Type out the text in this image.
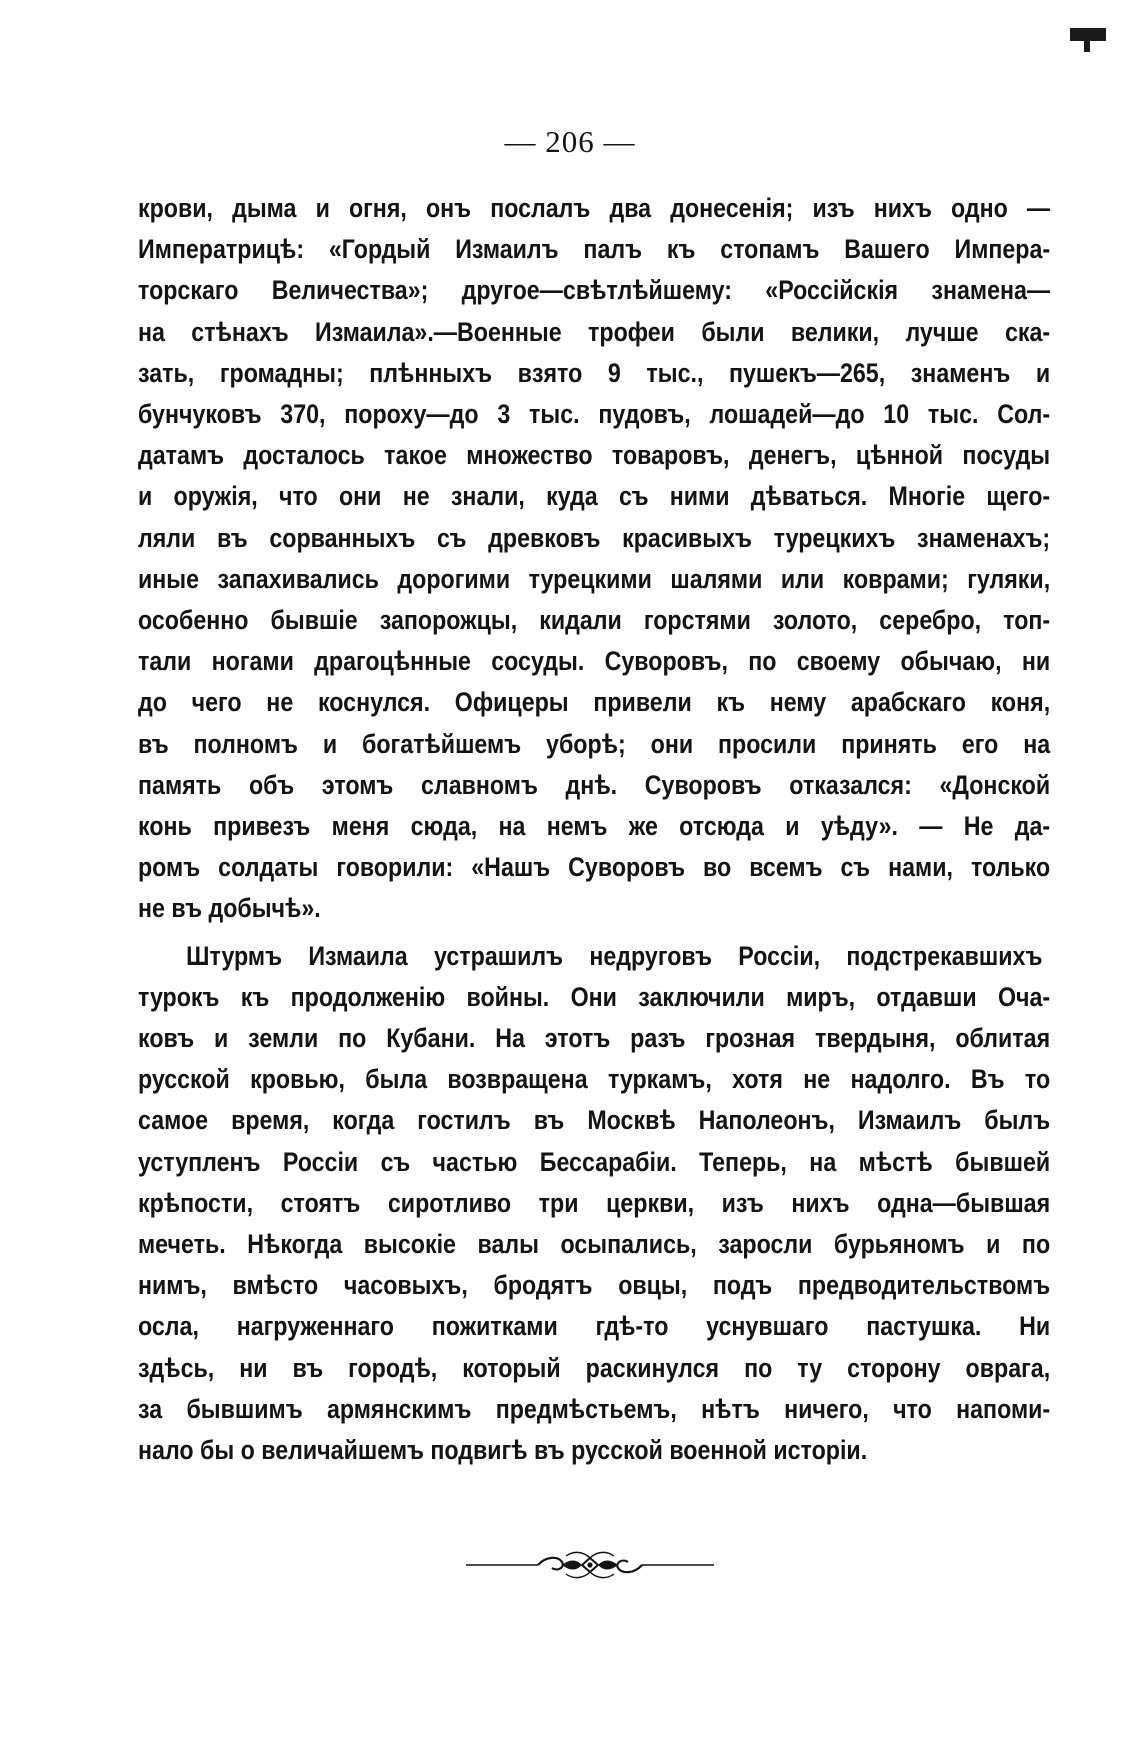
— 206 —
крови, дыма и огня, онъ послалъ два донесенія; изъ нихъ одно —
Императрицѣ: «Гордый Измаилъ палъ къ стопамъ Вашего Импера-
торскаго Величества»; другое—свѣтлѣйшему: «Россійскія знамена—
на стѣнахъ Измаила».—Военные трофеи были велики, лучше ска-
зать, громадны; плѣнныхъ взято 9 тыс., пушекъ—265, знаменъ и
бунчуковъ 370, пороху—до 3 тыс. пудовъ, лошадей—до 10 тыс. Сол-
датамъ досталось такое множество товаровъ, денегъ, цѣнной посуды
и оружія, что они не знали, куда съ ними дѣваться. Многіе щего-
ляли въ сорванныхъ съ древковъ красивыхъ турецкихъ знаменахъ;
иные запахивались дорогими турецкими шалями или коврами; гуляки,
особенно бывшіе запорожцы, кидали горстями золото, серебро, топ-
тали ногами драгоцѣнные сосуды. Суворовъ, по своему обычаю, ни
до чего не коснулся. Офицеры привели къ нему арабскаго коня,
въ полномъ и богатѣйшемъ уборѣ; они просили принять его на
память объ этомъ славномъ днѣ. Суворовъ отказался: «Донской
конь привезъ меня сюда, на немъ же отсюда и уѣду». — Не да-
ромъ солдаты говорили: «Нашъ Суворовъ во всемъ съ нами, только
не въ добычѣ».
Штурмъ Измаила устрашилъ недруговъ Россіи, подстрекавшихъ
турокъ къ продолженію войны. Они заключили миръ, отдавши Оча-
ковъ и земли по Кубани. На этотъ разъ грозная твердыня, облитая
русской кровью, была возвращена туркамъ, хотя не надолго. Въ то
самое время, когда гостилъ въ Москвѣ Наполеонъ, Измаилъ былъ
уступленъ Россіи съ частью Бессарабіи. Теперь, на мѣстѣ бывшей
крѣпости, стоятъ сиротливо три церкви, изъ нихъ одна—бывшая
мечеть. Нѣкогда высокіе валы осыпались, заросли бурьяномъ и по
нимъ, вмѣсто часовыхъ, бродятъ овцы, подъ предводительствомъ
осла, нагруженнаго пожитками гдѣ-то уснувшаго пастушка. Ни
здѣсь, ни въ городѣ, который раскинулся по ту сторону оврага,
за бывшимъ армянскимъ предмѣстьемъ, нѣтъ ничего, что напоми-
нало бы о величайшемъ подвигѣ въ русской военной исторіи.
